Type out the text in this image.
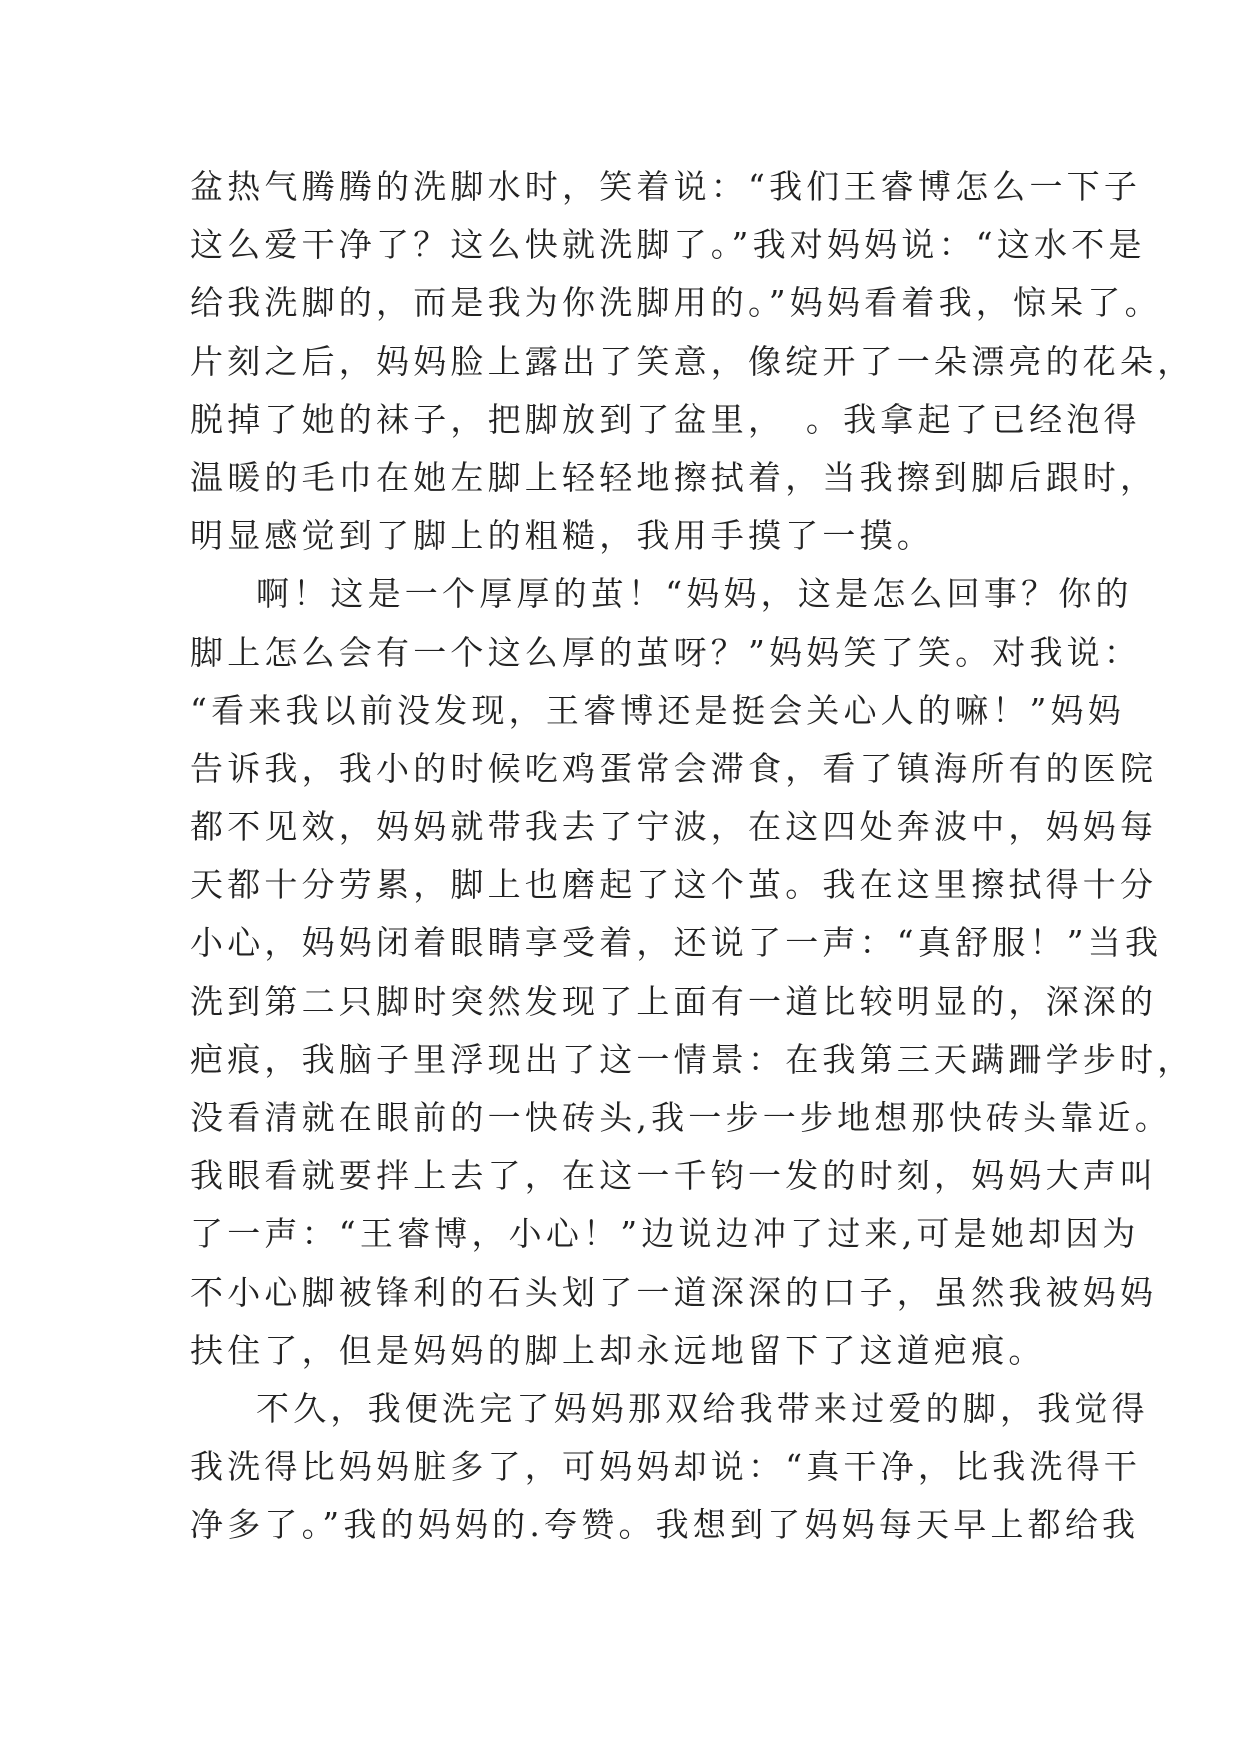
盆热气腾腾的洗脚水时，笑着说：“我们王睿博怎么一下子
这么爱干净了？这么快就洗脚了。”我对妈妈说：“这水不是
给我洗脚的，而是我为你洗脚用的。”妈妈看着我，惊呆了。
片刻之后，妈妈脸上露出了笑意，像绽开了一朵漂亮的花朵，
脱掉了她的袜子，把脚放到了盆里，　。我拿起了已经泡得
温暖的毛巾在她左脚上轻轻地擦拭着，当我擦到脚后跟时，
明显感觉到了脚上的粗糙，我用手摸了一摸。
啊！这是一个厚厚的茧！“妈妈，这是怎么回事？你的
脚上怎么会有一个这么厚的茧呀？”妈妈笑了笑。对我说：
“看来我以前没发现，王睿博还是挺会关心人的嘛！”妈妈
告诉我，我小的时候吃鸡蛋常会滞食，看了镇海所有的医院
都不见效，妈妈就带我去了宁波，在这四处奔波中，妈妈每
天都十分劳累，脚上也磨起了这个茧。我在这里擦拭得十分
小心，妈妈闭着眼睛享受着，还说了一声：“真舒服！”当我
洗到第二只脚时突然发现了上面有一道比较明显的，深深的
疤痕，我脑子里浮现出了这一情景：在我第三天蹒跚学步时，
没看清就在眼前的一快砖头,我一步一步地想那快砖头靠近。
我眼看就要拌上去了，在这一千钧一发的时刻，妈妈大声叫
了一声：“王睿博，小心！”边说边冲了过来,可是她却因为
不小心脚被锋利的石头划了一道深深的口子，虽然我被妈妈
扶住了，但是妈妈的脚上却永远地留下了这道疤痕。
不久，我便洗完了妈妈那双给我带来过爱的脚，我觉得
我洗得比妈妈脏多了，可妈妈却说：“真干净，比我洗得干
净多了。”我的妈妈的.夸赞。我想到了妈妈每天早上都给我
